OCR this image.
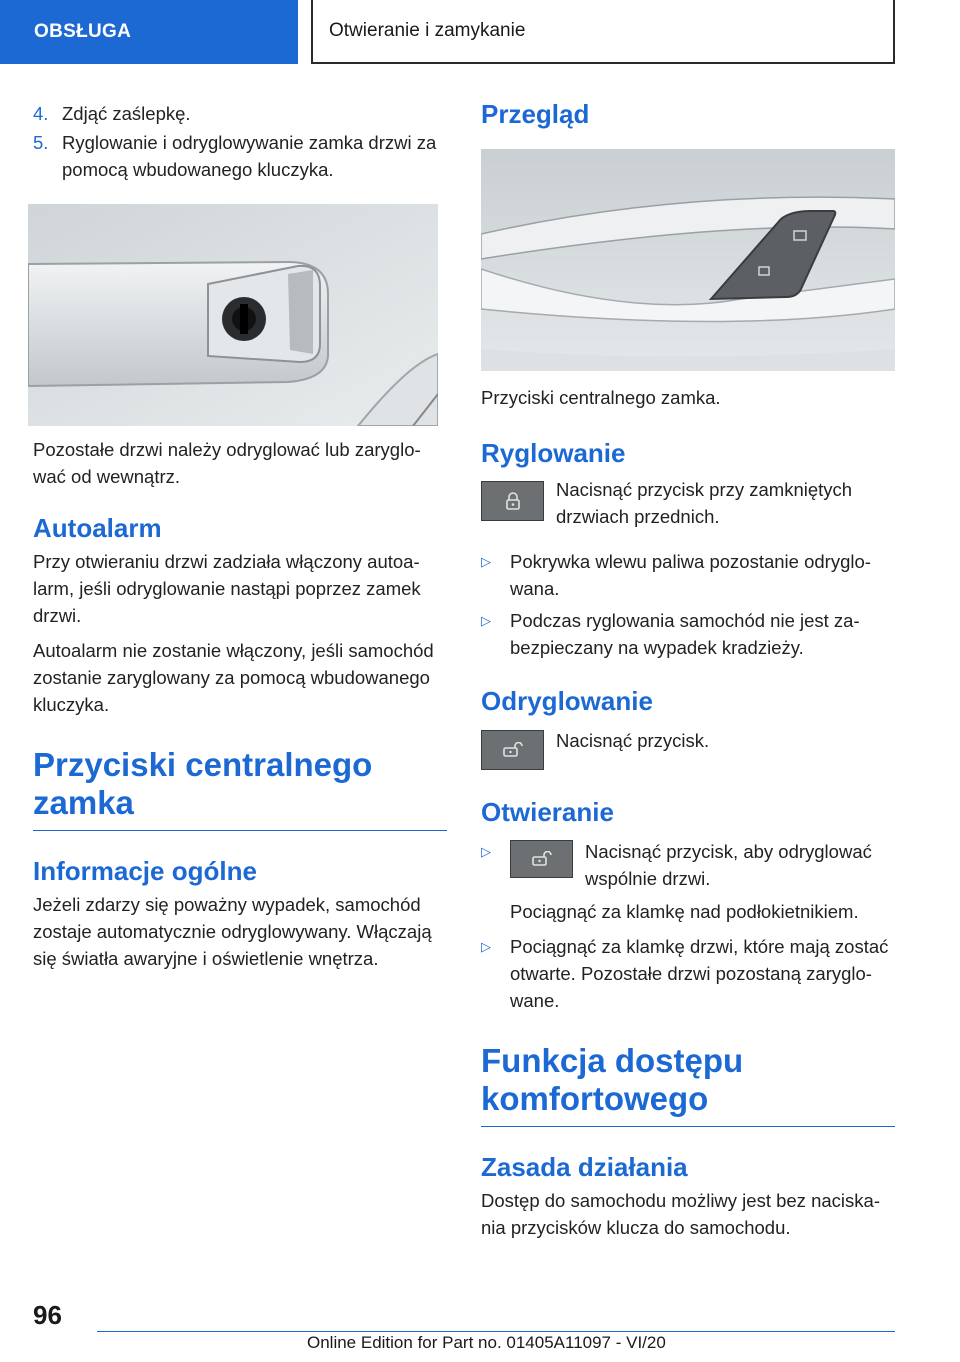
OBSŁUGA	Otwieranie i zamykanie
4. Zdjąć zaślepkę.
5. Ryglowanie i odryglowywanie zamka drzwi za pomocą wbudowanego kluczyka.

Pozostałe drzwi należy odryglować lub zaryglować od wewnątrz.

Autoalarm

Przy otwieraniu drzwi zadziała włączony autoalarm, jeśli odryglowanie nastąpi poprzez zamek drzwi.

Autoalarm nie zostanie włączony, jeśli samochód zostanie zaryglowany za pomocą wbudowanego kluczyka.

Przyciski centralnego zamka
Informacje ogólne

Jeżeli zdarzy się poważny wypadek, samochód zostaje automatycznie odryglowywany. Włączają się światła awaryjne i oświetlenie wnętrza.

Przegląd

Przyciski centralnego zamka.

Ryglowanie

Nacisnąć przycisk przy zamkniętych drzwiach przednich.

▷ Pokrywka wlewu paliwa pozostanie odryglowana.
▷ Podczas ryglowania samochód nie jest zabezpieczany na wypadek kradzieży.
Odryglowanie

Nacisnąć przycisk.

Otwieranie
▷	Nacisnąć przycisk, aby odryglować wspólnie drzwi.

Pociągnąć za klamkę nad podłokietnikiem.

▷ Pociągnąć za klamkę drzwi, które mają zostać otwarte. Pozostałe drzwi pozostaną zaryglowane.
Funkcja dostępu komfortowego
Zasada działania

Dostęp do samochodu możliwy jest bez naciskania przycisków klucza do samochodu.

96
Online Edition for Part no. 01405A11097 - VI/20
